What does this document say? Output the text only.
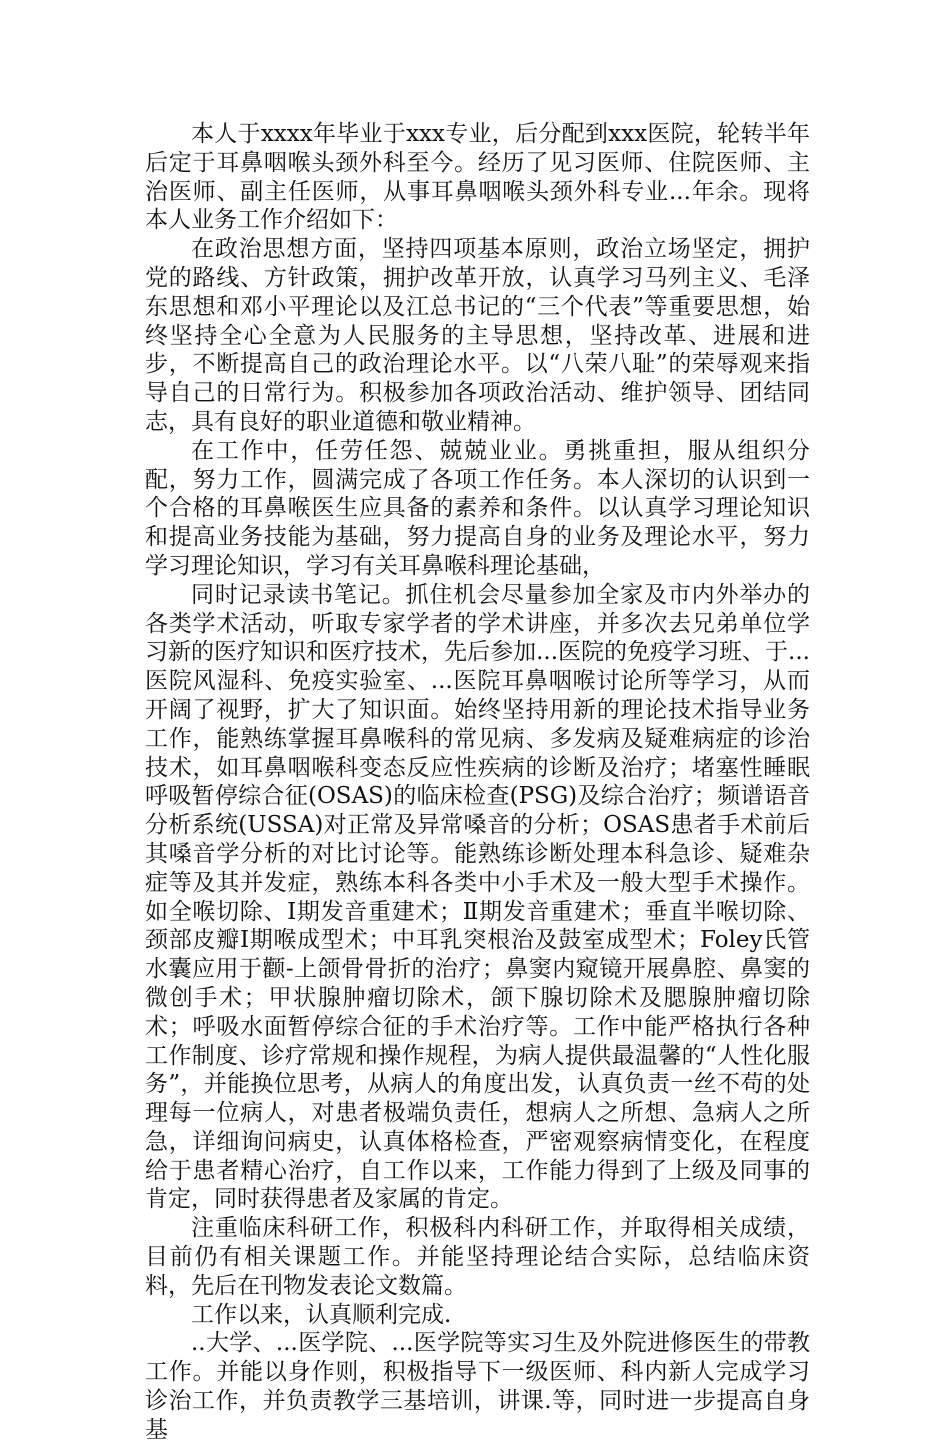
本人于xxxx年毕业于xxx专业，后分配到xxx医院，轮转半年后定于耳鼻咽喉头颈外科至今。经历了见习医师、住院医师、主治医师、副主任医师，从事耳鼻咽喉头颈外科专业...年余。现将本人业务工作介绍如下：

在政治思想方面，坚持四项基本原则，政治立场坚定，拥护党的路线、方针政策，拥护改革开放，认真学习马列主义、毛泽东思想和邓小平理论以及江总书记的“三个代表”等重要思想，始终坚持全心全意为人民服务的主导思想，坚持改革、进展和进步，不断提高自己的政治理论水平。以“八荣八耻”的荣辱观来指导自己的日常行为。积极参加各项政治活动、维护领导、团结同志，具有良好的职业道德和敬业精神。

在工作中，任劳任怨、兢兢业业。勇挑重担，服从组织分配，努力工作，圆满完成了各项工作任务。本人深切的认识到一个合格的耳鼻喉医生应具备的素养和条件。以认真学习理论知识和提高业务技能为基础，努力提高自身的业务及理论水平，努力学习理论知识，学习有关耳鼻喉科理论基础，

同时记录读书笔记。抓住机会尽量参加全家及市内外举办的各类学术活动，听取专家学者的学术讲座，并多次去兄弟单位学习新的医疗知识和医疗技术，先后参加...医院的免疫学习班、于...医院风湿科、免疫实验室、...医院耳鼻咽喉讨论所等学习，从而开阔了视野，扩大了知识面。始终坚持用新的理论技术指导业务工作，能熟练掌握耳鼻喉科的常见病、多发病及疑难病症的诊治技术，如耳鼻咽喉科变态反应性疾病的诊断及治疗；堵塞性睡眠呼吸暂停综合征(OSAS)的临床检查(PSG)及综合治疗；频谱语音分析系统(USSA)对正常及异常嗓音的分析；OSAS患者手术前后其嗓音学分析的对比讨论等。能熟练诊断处理本科急诊、疑难杂症等及其并发症，熟练本科各类中小手术及一般大型手术操作。如全喉切除、Ⅰ期发音重建术；Ⅱ期发音重建术；垂直半喉切除、颈部皮瓣Ⅰ期喉成型术；中耳乳突根治及鼓室成型术；Foley氏管水囊应用于颧-上颌骨骨折的治疗；鼻窦内窥镜开展鼻腔、鼻窦的微创手术；甲状腺肿瘤切除术，颌下腺切除术及腮腺肿瘤切除术；呼吸水面暂停综合征的手术治疗等。工作中能严格执行各种工作制度、诊疗常规和操作规程，为病人提供最温馨的“人性化服务”，并能换位思考，从病人的角度出发，认真负责一丝不苟的处理每一位病人，对患者极端负责任，想病人之所想、急病人之所急，详细询问病史，认真体格检查，严密观察病情变化，在程度给于患者精心治疗，自工作以来，工作能力得到了上级及同事的肯定，同时获得患者及家属的肯定。

注重临床科研工作，积极科内科研工作，并取得相关成绩，目前仍有相关课题工作。并能坚持理论结合实际，总结临床资料，先后在刊物发表论文数篇。

工作以来，认真顺利完成.

..大学、...医学院、...医学院等实习生及外院进修医生的带教工作。并能以身作则，积极指导下一级医师、科内新人完成学习诊治工作，并负责教学三基培训，讲课.等，同时进一步提高自身基
